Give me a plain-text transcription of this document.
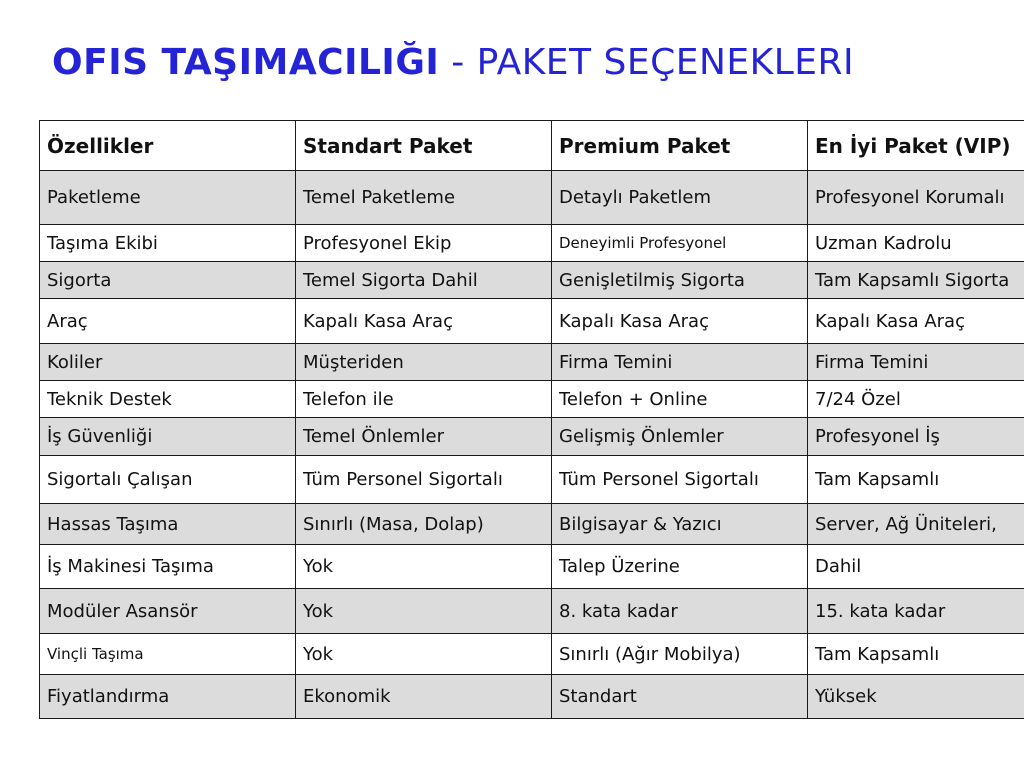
OFIS TAŞIMACILIĞI - PAKET SEÇENEKLERI
Özellikler	Standart Paket	Premium Paket	En İyi Paket (VIP)
Paketleme	Temel Paketleme	Detaylı Paketlem	Profesyonel Korumalı
Taşıma Ekibi	Profesyonel Ekip	Deneyimli Profesyonel	Uzman Kadrolu
Sigorta	Temel Sigorta Dahil	Genişletilmiş Sigorta	Tam Kapsamlı Sigorta
Araç	Kapalı Kasa Araç	Kapalı Kasa Araç	Kapalı Kasa Araç
Koliler	Müşteriden	Firma Temini	Firma Temini
Teknik Destek	Telefon ile	Telefon + Online	7/24 Özel
İş Güvenliği	Temel Önlemler	Gelişmiş Önlemler	Profesyonel İş
Sigortalı Çalışan	Tüm Personel Sigortalı	Tüm Personel Sigortalı	Tam Kapsamlı
Hassas Taşıma	Sınırlı (Masa, Dolap)	Bilgisayar & Yazıcı	Server, Ağ Üniteleri,
İş Makinesi Taşıma	Yok	Talep Üzerine	Dahil
Modüler Asansör	Yok	8. kata kadar	15. kata kadar
Vinçli Taşıma	Yok	Sınırlı (Ağır Mobilya)	Tam Kapsamlı
Fiyatlandırma	Ekonomik	Standart	Yüksek
